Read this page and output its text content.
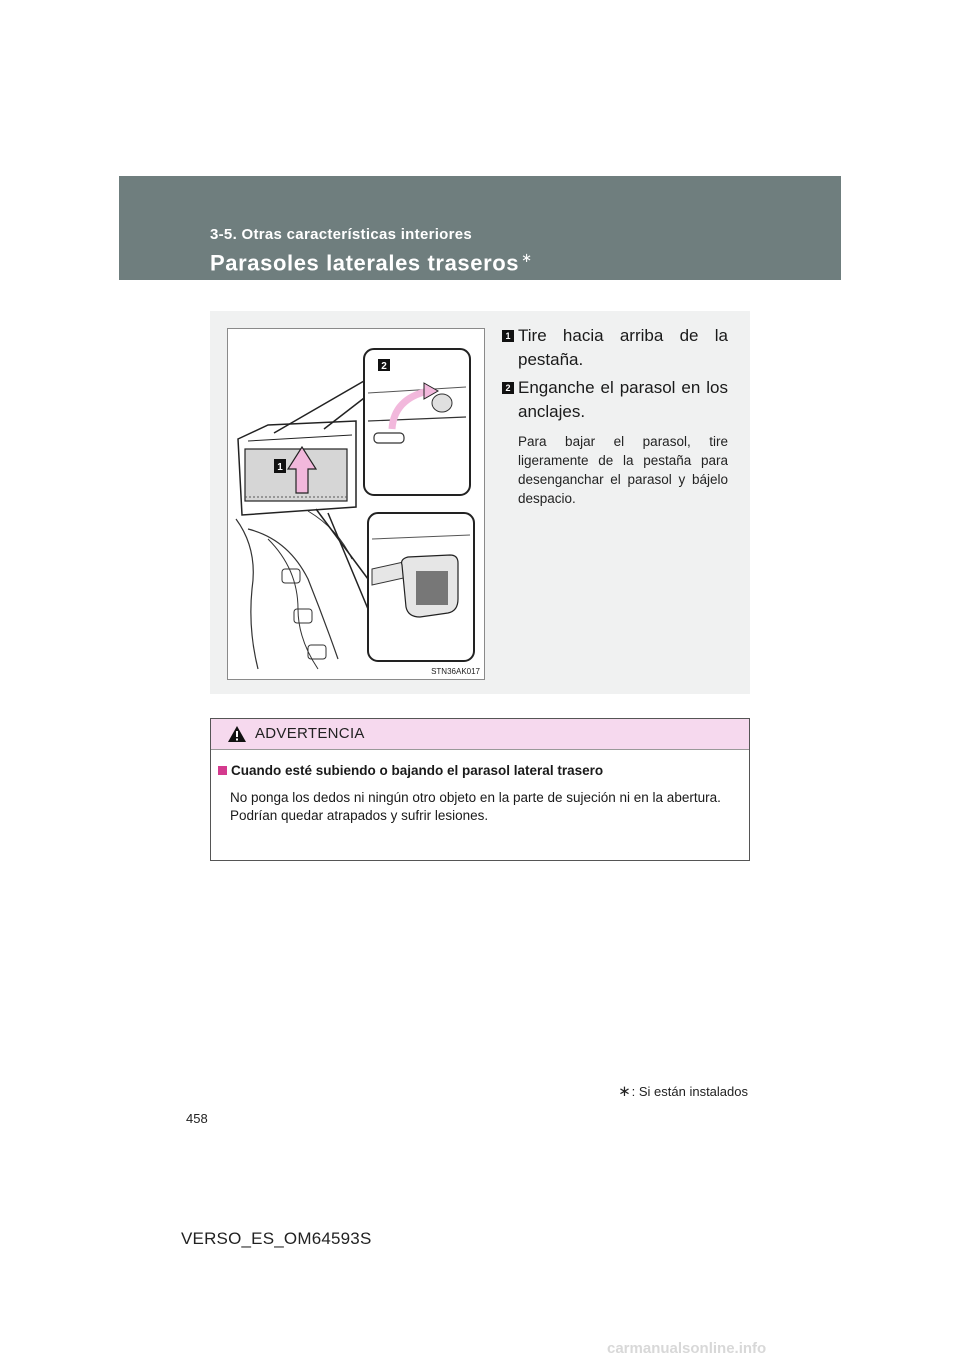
3-5. Otras características interiores
Parasoles laterales traseros ∗
1
2
STN36AK017
1 Tire hacia arriba de la pestaña.
2 Enganche el parasol en los anclajes.
Para bajar el parasol, tire ligeramente de la pestaña para desenganchar el parasol y bájelo despacio.
ADVERTENCIA
Cuando esté subiendo o bajando el parasol lateral trasero
No ponga los dedos ni ningún otro objeto en la parte de sujeción ni en la abertura.
Podrían quedar atrapados y sufrir lesiones.
∗: Si están instalados
458
VERSO_ES_OM64593S
carmanualsonline.info
